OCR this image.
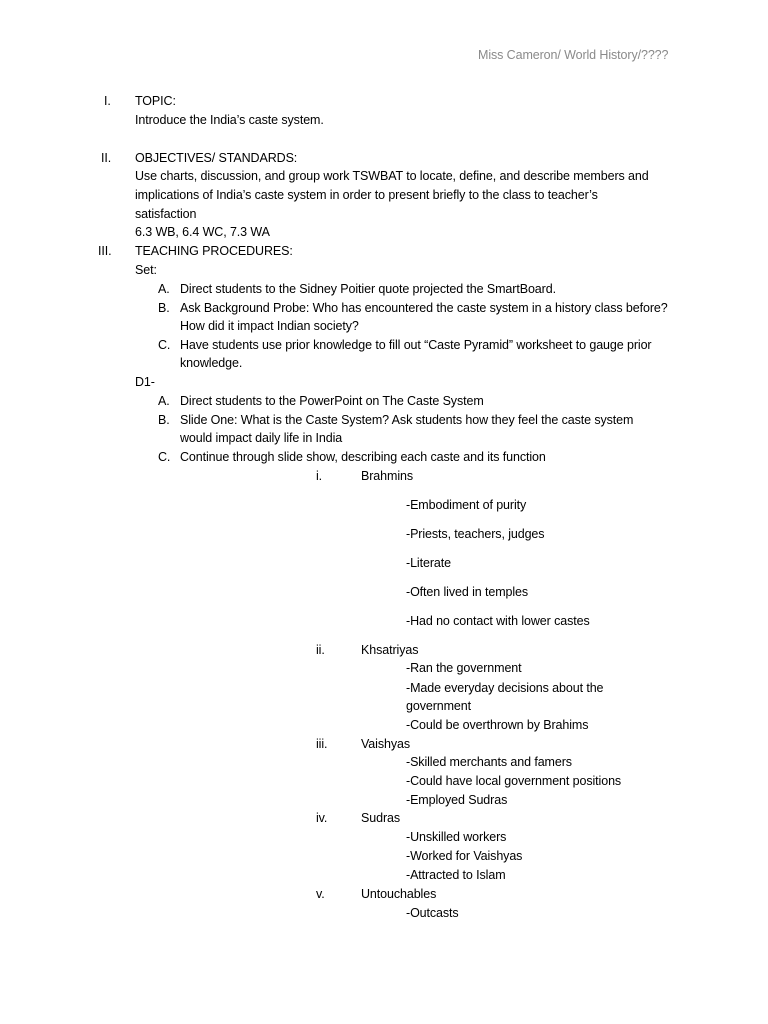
Miss Cameron/ World History/????
I. TOPIC:
Introduce the India’s caste system.
II. OBJECTIVES/ STANDARDS:
Use charts, discussion, and group work TSWBAT to locate, define, and describe members and
implications of India’s caste system in order to present briefly to the class to teacher’s
satisfaction
6.3 WB, 6.4 WC, 7.3 WA
III. TEACHING PROCEDURES:
Set:
A. Direct students to the Sidney Poitier quote projected the SmartBoard.
B. Ask Background Probe: Who has encountered the caste system in a history class before?
How did it impact Indian society?
C. Have students use prior knowledge to fill out “Caste Pyramid” worksheet to gauge prior
knowledge.
D1-
A. Direct students to the PowerPoint on The Caste System
B. Slide One: What is the Caste System? Ask students how they feel the caste system
would impact daily life in India
C. Continue through slide show, describing each caste and its function
i.	Brahmins
-Embodiment of purity
-Priests, teachers, judges
-Literate
-Often lived in temples
-Had no contact with lower castes
ii.	Khsatriyas
-Ran the government
-Made everyday decisions about the
government
-Could be overthrown by Brahims
iii.	Vaishyas
-Skilled merchants and famers
-Could have local government positions
-Employed Sudras
iv.	Sudras
-Unskilled workers
-Worked for Vaishyas
-Attracted to Islam
v.	Untouchables
-Outcasts
